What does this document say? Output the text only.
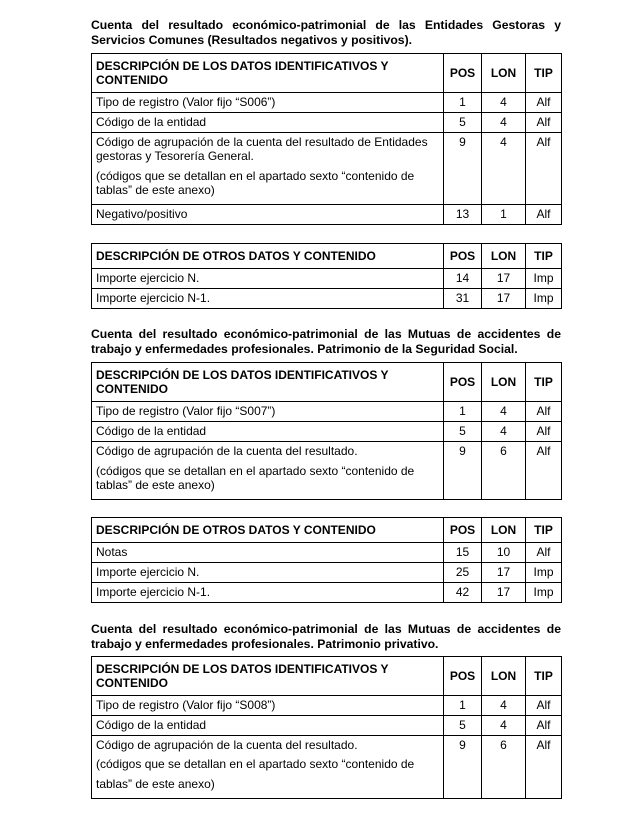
Cuenta del resultado económico-patrimonial de las Entidades Gestoras y Servicios Comunes (Resultados negativos y positivos).
DESCRIPCIÓN DE LOS DATOS IDENTIFICATIVOS Y CONTENIDO	POS	LON	TIP
Tipo de registro (Valor fijo “S006”)	1	4	Alf
Código de la entidad	5	4	Alf
Código de agrupación de la cuenta del resultado de Entidades gestoras y Tesorería General.
(códigos que se detallan en el apartado sexto “contenido de tablas” de este anexo)	9	4	Alf
Negativo/positivo	13	1	Alf
DESCRIPCIÓN DE OTROS DATOS Y CONTENIDO	POS	LON	TIP
Importe ejercicio N.	14	17	Imp
Importe ejercicio N-1.	31	17	Imp
Cuenta del resultado económico-patrimonial de las Mutuas de accidentes de trabajo y enfermedades profesionales. Patrimonio de la Seguridad Social.
DESCRIPCIÓN DE LOS DATOS IDENTIFICATIVOS Y CONTENIDO	POS	LON	TIP
Tipo de registro (Valor fijo “S007”)	1	4	Alf
Código de la entidad	5	4	Alf
Código de agrupación de la cuenta del resultado.
(códigos que se detallan en el apartado sexto “contenido de tablas” de este anexo)	9	6	Alf
DESCRIPCIÓN DE OTROS DATOS Y CONTENIDO	POS	LON	TIP
Notas	15	10	Alf
Importe ejercicio N.	25	17	Imp
Importe ejercicio N-1.	42	17	Imp
Cuenta del resultado económico-patrimonial de las Mutuas de accidentes de trabajo y enfermedades profesionales. Patrimonio privativo.
DESCRIPCIÓN DE LOS DATOS IDENTIFICATIVOS Y CONTENIDO	POS	LON	TIP
Tipo de registro (Valor fijo “S008”)	1	4	Alf
Código de la entidad	5	4	Alf
Código de agrupación de la cuenta del resultado.
(códigos que se detallan en el apartado sexto “contenido de tablas” de este anexo)	9	6	Alf
